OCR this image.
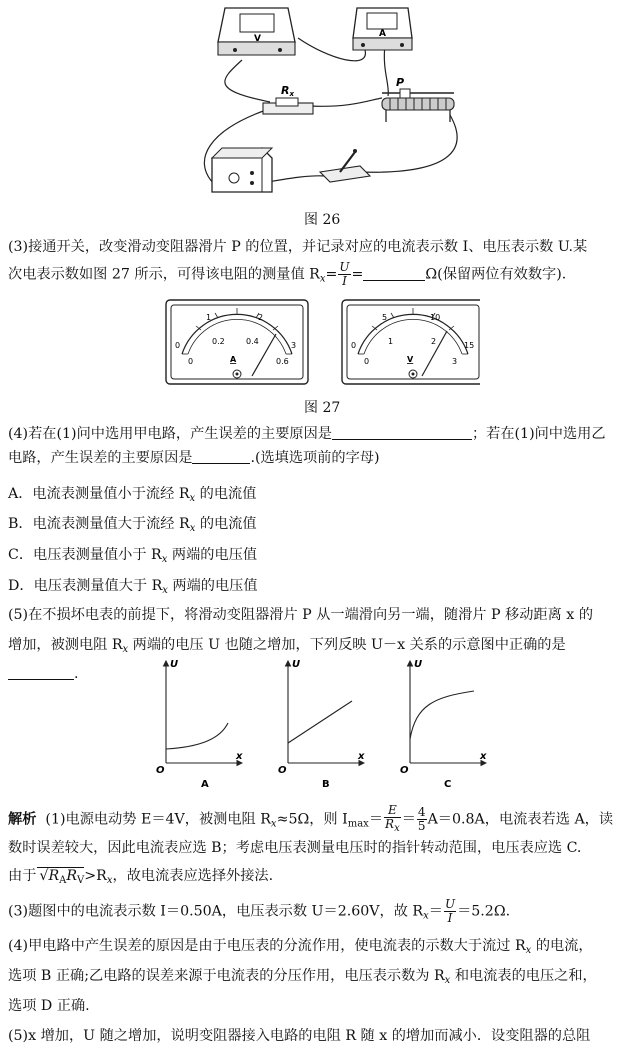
V	A
Rx
P
图 26
(3)接通开关，改变滑动变阻器滑片 P 的位置，并记录对应的电流表示数 I、电压表示数 U.某
次电表示数如图 27 所示，可得该电阻的测量值 $R_x= \frac{U}{I}$ =	Ω(保留两位有效数字).
A
0
1	2
3
0
0.2	0.4
0.6	V
0
5	10
15
0
1	2
3
图 27
(4)若在(1)问中选用甲电路，产生误差的主要原因是	；若在(1)问中选用乙
电路，产生误差的主要原因是	.(选填选项前的字母)
A．电流表测量值小于流经 $R_x$ 的电流值
B．电流表测量值大于流经 $R_x$ 的电流值
C．电压表测量值小于 $R_x$ 两端的电压值
D．电压表测量值大于 $R_x$ 两端的电压值
(5)在不损坏电表的前提下，将滑动变阻器滑片 P 从一端滑向另一端，随滑片 P 移动距离 x 的
增加，被测电阻 $R_x$ 两端的电压 U 也随之增加，下列反映 U－x 关系的示意图中正确的是
.
U
x
O
A
U
x
O
B
U
x
O
C
解析 (1)电源电动势 E＝4V，被测电阻 $R_x\approx 5\Omega$，则 $I_{max}= \frac{E}{R_x} = \frac{4}{5} A=0.8A$，电流表若选 A，读
数时误差较大，因此电流表应选 B；考虑电压表测量电压时的指针转动范围，电压表应选 C.
由于 $√R_AR_V>R_x$，故电流表应选择外接法.
(3)题图中的电流表示数 I＝0.50A，电压表示数 U＝2.60V，故 $R_x= \frac{U}{I} =5.2\Omega$.
(4)甲电路中产生误差的原因是由于电压表的分流作用，使电流表的示数大于流过 $R_x$ 的电流，
选项 B 正确;乙电路的误差来源于电流表的分压作用，电压表示数为 $R_x$ 和电流表的电压之和，
选项 D 正确.
(5)x 增加，U 随之增加，说明变阻器接入电路的电阻 R 随 x 的增加而减小．设变阻器的总阻
